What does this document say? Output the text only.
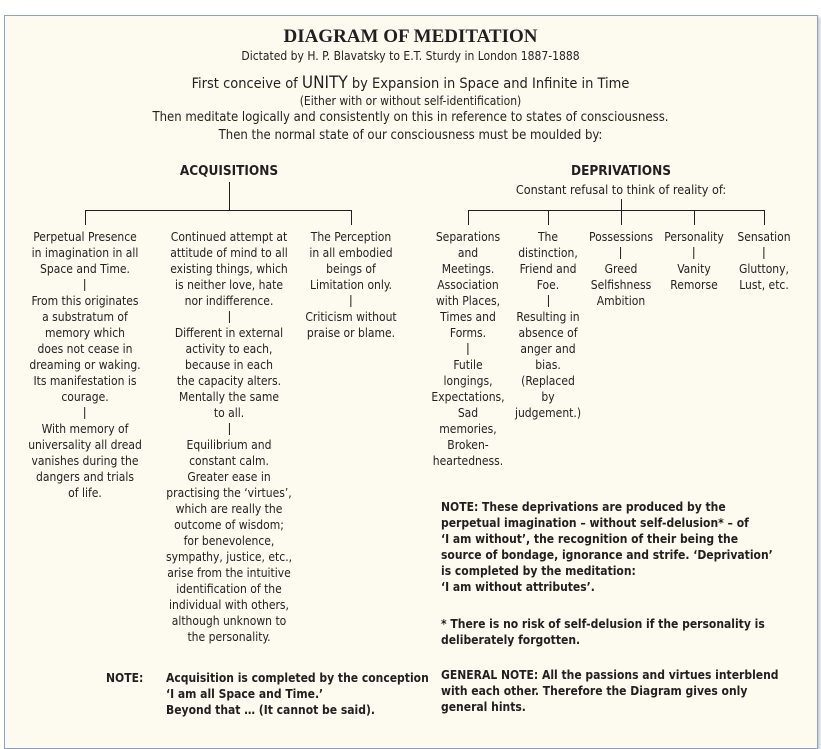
DIAGRAM OF MEDITATION
Dictated by H. P. Blavatsky to E.T. Sturdy in London 1887-1888
First conceive of UNITY by Expansion in Space and Infinite in Time
(Either with or without self-identification)
Then meditate logically and consistently on this in reference to states of consciousness.
Then the normal state of our consciousness must be moulded by:
ACQUISITIONS	DEPRIVATIONS
Constant refusal to think of reality of:
Perpetual Presence
in imagination in all
Space and Time.
From this originates
a substratum of
memory which
does not cease in
dreaming or waking.
Its manifestation is
courage.
With memory of
universality all dread
vanishes during the
dangers and trials
of life.
Continued attempt at
attitude of mind to all
existing things, which
is neither love, hate
nor indifference.
Different in external
activity to each,
because in each
the capacity alters.
Mentally the same
to all.
Equilibrium and
constant calm.
Greater ease in
practising the ‘virtues’,
which are really the
outcome of wisdom;
for benevolence,
sympathy, justice, etc.,
arise from the intuitive
identification of the
individual with others,
although unknown to
the personality.
The Perception
in all embodied
beings of
Limitation only.
Criticism without
praise or blame.
Separations
and
Meetings.
Association
with Places,
Times and
Forms.
Futile
longings,
Expectations,
Sad
memories,
Broken-
heartedness.
The
distinction,
Friend and
Foe.
Resulting in
absence of
anger and
bias.
(Replaced
by
judgement.)
Possessions
Greed
Selfishness
Ambition
Personality
Vanity
Remorse
Sensation
Gluttony,
Lust, etc.
NOTE: Acquisition is completed by the conception
‘I am all Space and Time.’
Beyond that … (It cannot be said).
NOTE: These deprivations are produced by the
perpetual imagination – without self-delusion* – of
‘I am without’, the recognition of their being the
source of bondage, ignorance and strife. ‘Deprivation’
is completed by the meditation:
‘I am without attributes’.
* There is no risk of self-delusion if the personality is
deliberately forgotten.
GENERAL NOTE: All the passions and virtues interblend
with each other. Therefore the Diagram gives only
general hints.
